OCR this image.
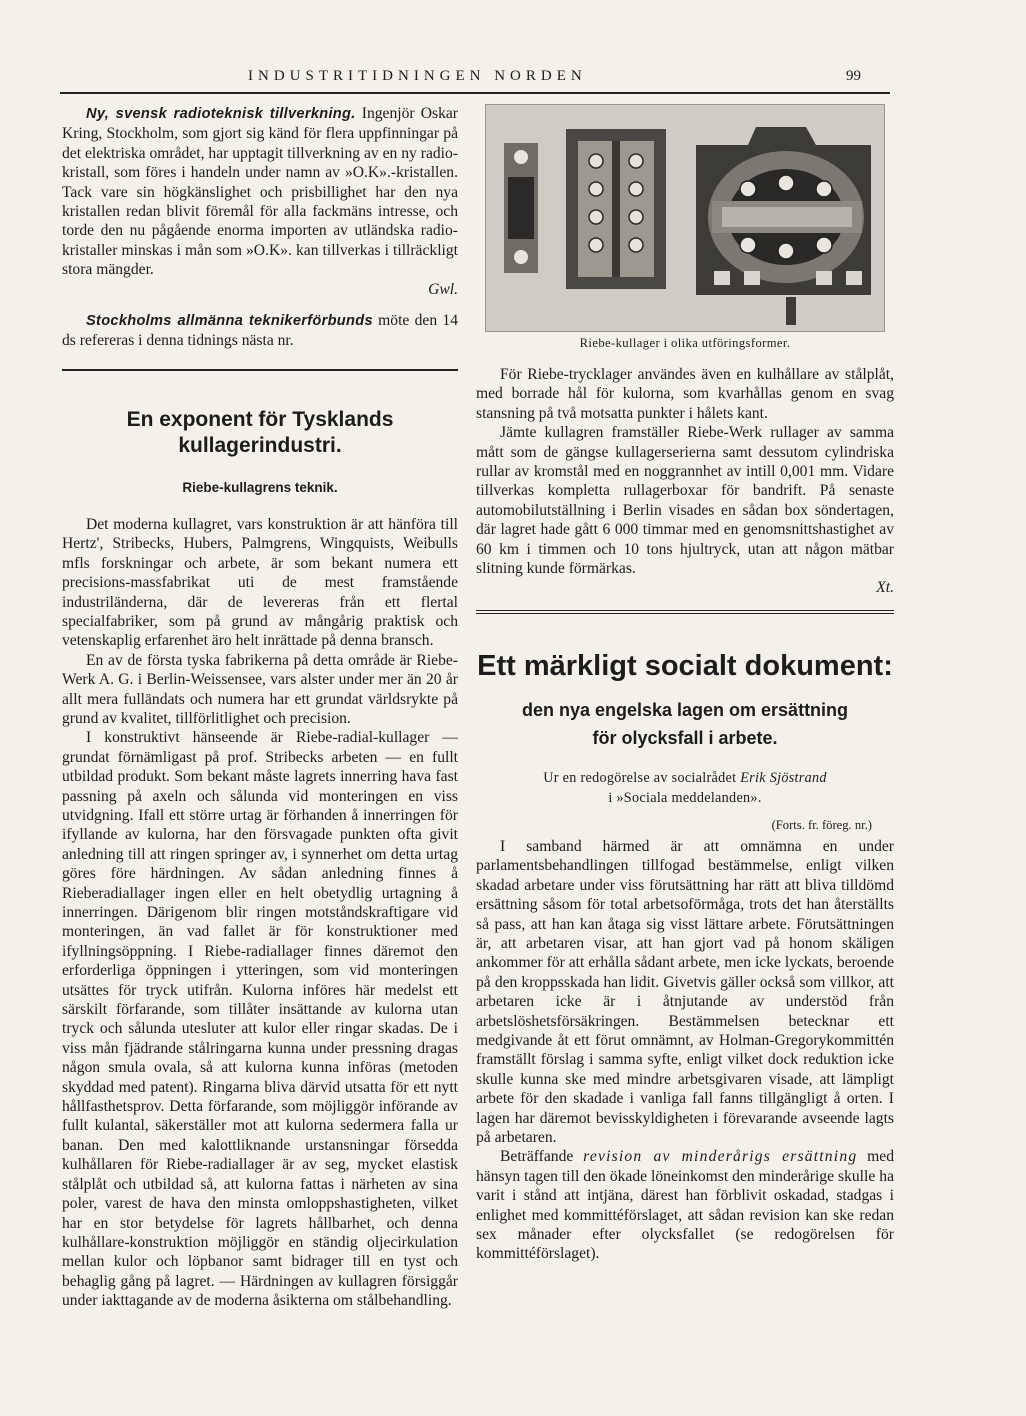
INDUSTRITIDNINGEN NORDEN	99

Ny, svensk radioteknisk tillverkning. Ingenjör Oskar Kring, Stockholm, som gjort sig känd för flera uppfinningar på det elektriska området, har upptagit tillverkning av en ny radio-kristall, som föres i handeln under namn av »O.K».-kristallen. Tack vare sin högkänslighet och prisbillighet har den nya kristallen redan blivit föremål för alla fackmäns intresse, och torde den nu pågående enorma importen av utländska radio-kristaller minskas i mån som »O.K». kan tillverkas i tillräckligt stora mängder.
Gwl.

Stockholms allmänna teknikerförbunds möte den 14 ds refereras i denna tidnings nästa nr.

En exponent för Tysklands kullagerindustri.
Riebe-kullagrens teknik.

Det moderna kullagret, vars konstruktion är att hänföra till Hertz', Stribecks, Hubers, Palmgrens, Wingquists, Weibulls mfls forskningar och arbete, är som bekant numera ett precisions-massfabrikat uti de mest framstående industriländerna, där de levereras från ett flertal specialfabriker, som på grund av mångårig praktisk och vetenskaplig erfarenhet äro helt inrättade på denna bransch.

En av de första tyska fabrikerna på detta område är Riebe-Werk A. G. i Berlin-Weissensee, vars alster under mer än 20 år allt mera fulländats och numera har ett grundat världsrykte på grund av kvalitet, tillförlitlighet och precision.

I konstruktivt hänseende är Riebe-radial-kullager — grundat förnämligast på prof. Stribecks arbeten — en fullt utbildad produkt. Som bekant måste lagrets innerring hava fast passning på axeln och sålunda vid monteringen en viss utvidgning. Ifall ett större urtag är förhanden å innerringen för ifyllande av kulorna, har den försvagade punkten ofta givit anledning till att ringen springer av, i synnerhet om detta urtag göres före härdningen. Av sådan anledning finnes å Rieberadiallager ingen eller en helt obetydlig urtagning å innerringen. Därigenom blir ringen motståndskraftigare vid monteringen, än vad fallet är för konstruktioner med ifyllningsöppning. I Riebe-radiallager finnes däremot den erforderliga öppningen i ytteringen, som vid monteringen utsättes för tryck utifrån. Kulorna införes här medelst ett särskilt förfarande, som tillåter insättande av kulorna utan tryck och sålunda utesluter att kulor eller ringar skadas. De i viss mån fjädrande stålringarna kunna under pressning dragas någon smula ovala, så att kulorna kunna införas (metoden skyddad med patent). Ringarna bliva därvid utsatta för ett nytt hållfasthetsprov. Detta förfarande, som möjliggör införande av fullt kulantal, säkerställer mot att kulorna sedermera falla ur banan. Den med kalottliknande urstansningar försedda kulhållaren för Riebe-radiallager är av seg, mycket elastisk stålplåt och utbildad så, att kulorna fattas i närheten av sina poler, varest de hava den minsta omloppshastigheten, vilket har en stor betydelse för lagrets hållbarhet, och denna kulhållare-konstruktion möjliggör en ständig oljecirkulation mellan kulor och löpbanor samt bidrager till en tyst och behaglig gång på lagret. — Härdningen av kullagren försiggår under iakttagande av de moderna åsikterna om stålbehandling.

Riebe-kullager i olika utföringsformer.

För Riebe-trycklager användes även en kulhållare av stålplåt, med borrade hål för kulorna, som kvarhållas genom en svag stansning på två motsatta punkter i hålets kant.

Jämte kullagren framställer Riebe-Werk rullager av samma mått som de gängse kullagerserierna samt dessutom cylindriska rullar av kromstål med en noggrannhet av intill 0,001 mm. Vidare tillverkas kompletta rullagerboxar för bandrift. På senaste automobilutställning i Berlin visades en sådan box söndertagen, där lagret hade gått 6 000 timmar med en genomsnittshastighet av 60 km i timmen och 10 tons hjultryck, utan att någon mätbar slitning kunde förmärkas.

Xt.

Ett märkligt socialt dokument:
den nya engelska lagen om ersättning
för olycksfall i arbete.
Ur en redogörelse av socialrådet Erik Sjöstrand
i »Sociala meddelanden».
(Forts. fr. föreg. nr.)

I samband härmed är att omnämna en under parlamentsbehandlingen tillfogad bestämmelse, enligt vilken skadad arbetare under viss förutsättning har rätt att bliva tilldömd ersättning såsom för total arbetsoförmåga, trots det han återställts så pass, att han kan åtaga sig visst lättare arbete. Förutsättningen är, att arbetaren visar, att han gjort vad på honom skäligen ankommer för att erhålla sådant arbete, men icke lyckats, beroende på den kroppsskada han lidit. Givetvis gäller också som villkor, att arbetaren icke är i åtnjutande av understöd från arbetslöshetsförsäkringen. Bestämmelsen betecknar ett medgivande åt ett förut omnämnt, av Holman-Gregorykommittén framställt förslag i samma syfte, enligt vilket dock reduktion icke skulle kunna ske med mindre arbetsgivaren visade, att lämpligt arbete för den skadade i vanliga fall fanns tillgängligt å orten. I lagen har däremot bevisskyldigheten i förevarande avseende lagts på arbetaren.

Beträffande revision av minderårigs ersättning med hänsyn tagen till den ökade löneinkomst den minderårige skulle ha varit i stånd att intjäna, därest han förblivit oskadad, stadgas i enlighet med kommittéförslaget, att sådan revision kan ske redan sex månader efter olycksfallet (se redogörelsen för kommittéförslaget).
